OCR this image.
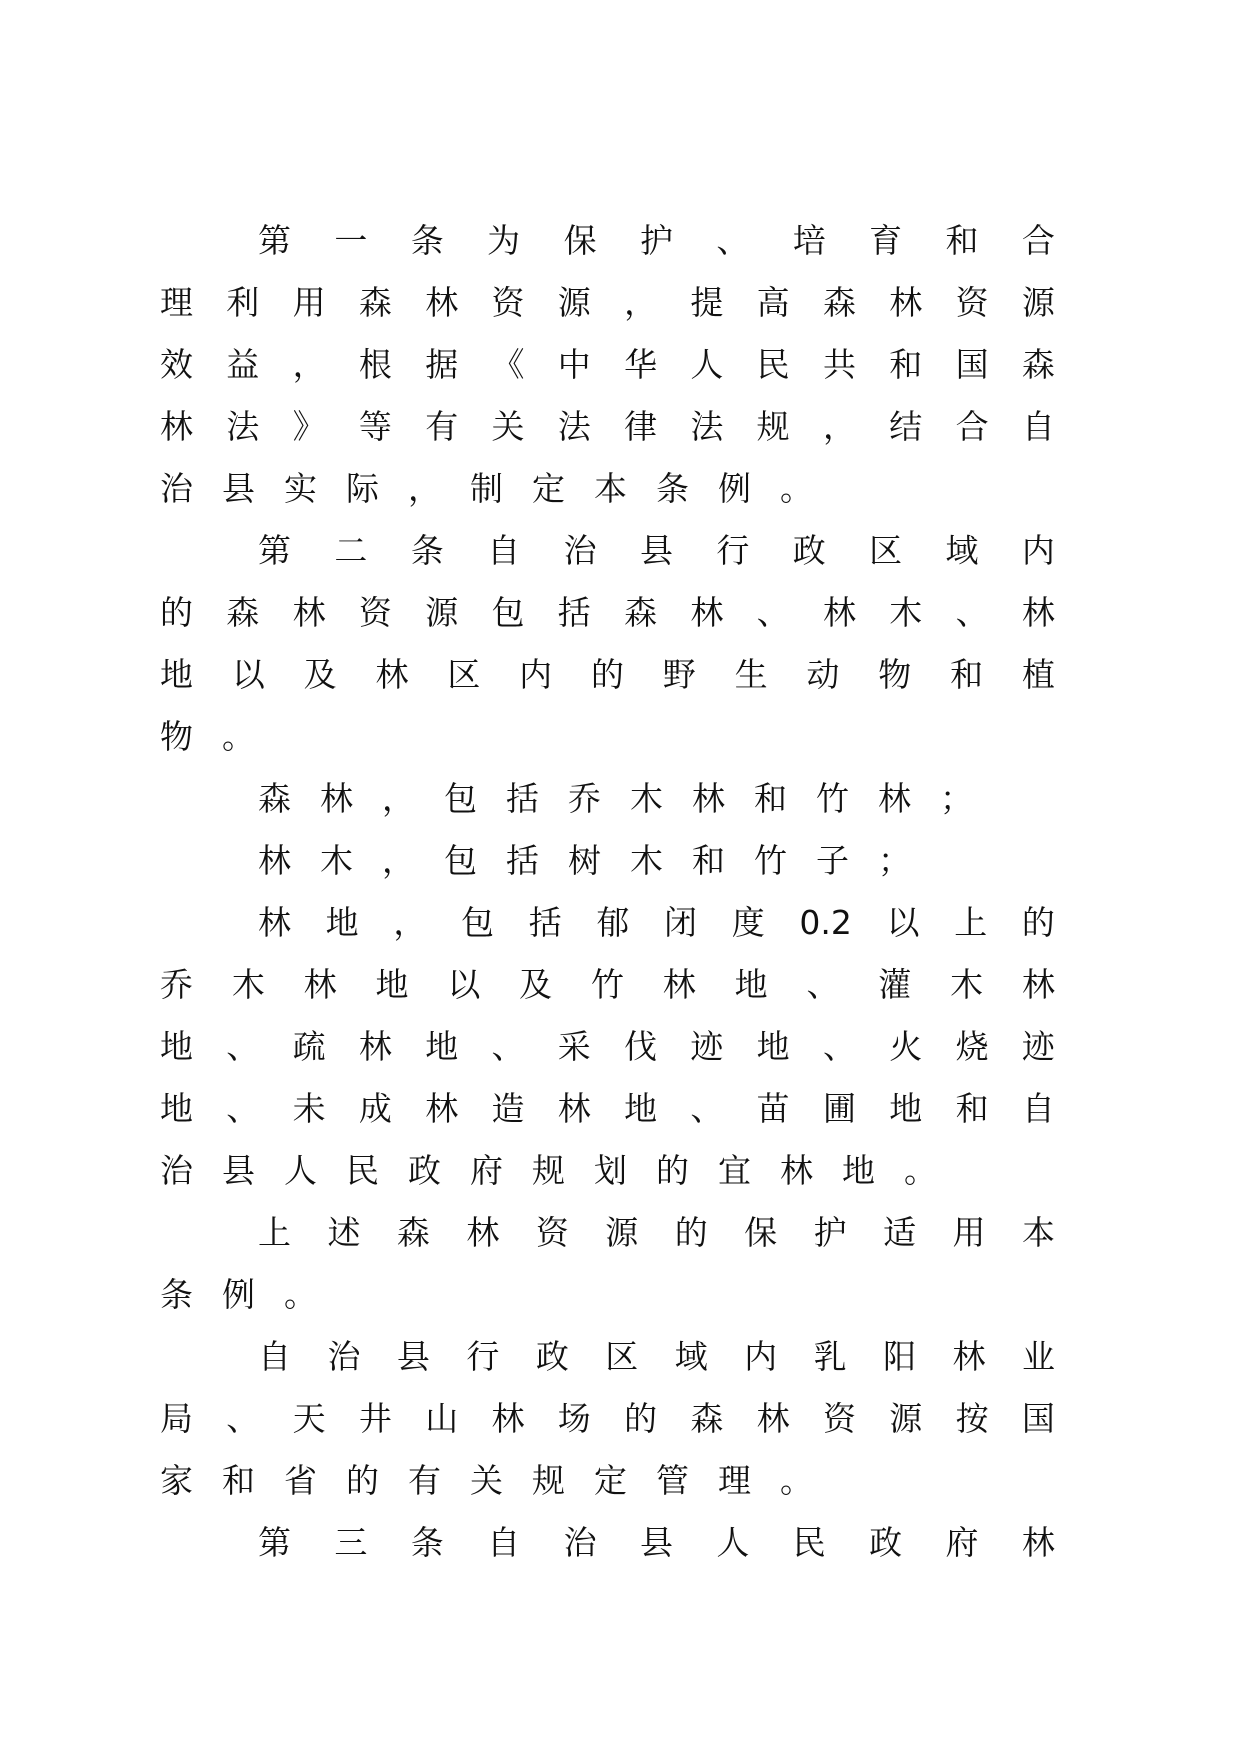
第 一 条 为 保 护 、 培 育 和 合
理 利 用 森 林 资 源 ， 提 高 森 林 资 源
效 益 ， 根 据 《 中 华 人 民 共 和 国 森
林 法 》 等 有 关 法 律 法 规 ， 结 合 自
治 县 实 际 ， 制 定 本 条 例 。
第 二 条 自 治 县 行 政 区 域 内
的 森 林 资 源 包 括 森 林 、 林 木 、 林
地 以 及 林 区 内 的 野 生 动 物 和 植
物 。
森 林 ， 包 括 乔 木 林 和 竹 林 ；
林 木 ， 包 括 树 木 和 竹 子 ；
林 地 ， 包 括 郁 闭 度 0.2 以 上 的
乔 木 林 地 以 及 竹 林 地 、 灌 木 林
地 、 疏 林 地 、 采 伐 迹 地 、 火 烧 迹
地 、 未 成 林 造 林 地 、 苗 圃 地 和 自
治 县 人 民 政 府 规 划 的 宜 林 地 。
上 述 森 林 资 源 的 保 护 适 用 本
条 例 。
自 治 县 行 政 区 域 内 乳 阳 林 业
局 、 天 井 山 林 场 的 森 林 资 源 按 国
家 和 省 的 有 关 规 定 管 理 。
第 三 条 自 治 县 人 民 政 府 林
